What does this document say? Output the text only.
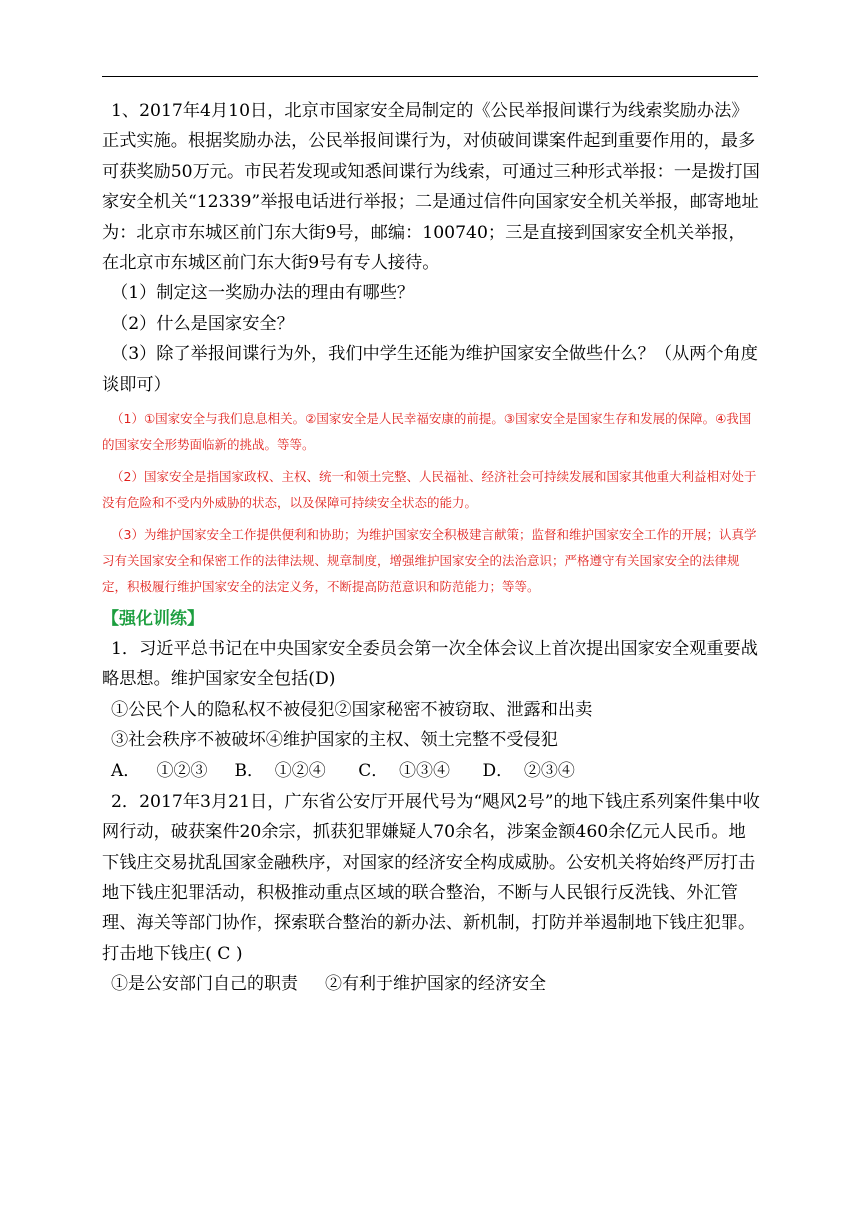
1、2017年4月10日，北京市国家安全局制定的《公民举报间谍行为线索奖励办法》正式实施。根据奖励办法，公民举报间谍行为，对侦破间谍案件起到重要作用的，最多可获奖励50万元。市民若发现或知悉间谍行为线索，可通过三种形式举报：一是拨打国家安全机关“12339”举报电话进行举报；二是通过信件向国家安全机关举报，邮寄地址为：北京市东城区前门东大街9号，邮编：100740；三是直接到国家安全机关举报，在北京市东城区前门东大街9号有专人接待。

（1）制定这一奖励办法的理由有哪些？

（2）什么是国家安全？

（3）除了举报间谍行为外，我们中学生还能为维护国家安全做些什么？（从两个角度谈即可）

（1）①国家安全与我们息息相关。②国家安全是人民幸福安康的前提。③国家安全是国家生存和发展的保障。④我国的国家安全形势面临新的挑战。等等。

（2）国家安全是指国家政权、主权、统一和领土完整、人民福祉、经济社会可持续发展和国家其他重大利益相对处于没有危险和不受内外威胁的状态，以及保障可持续安全状态的能力。

（3）为维护国家安全工作提供便利和协助；为维护国家安全积极建言献策；监督和维护国家安全工作的开展；认真学习有关国家安全和保密工作的法律法规、规章制度，增强维护国家安全的法治意识；严格遵守有关国家安全的法律规定，积极履行维护国家安全的法定义务，不断提高防范意识和防范能力；等等。

【强化训练】

1．习近平总书记在中央国家安全委员会第一次全体会议上首次提出国家安全观重要战略思想。维护国家安全包括(D)

①公民个人的隐私权不被侵犯②国家秘密不被窃取、泄露和出卖

③社会秩序不被破坏④维护国家的主权、领土完整不受侵犯

A．   ①②③     B．  ①②④      C．  ①③④      D．  ②③④

2．2017年3月21日，广东省公安厅开展代号为“飓风2号”的地下钱庄系列案件集中收网行动，破获案件20余宗，抓获犯罪嫌疑人70余名，涉案金额460余亿元人民币。地下钱庄交易扰乱国家金融秩序，对国家的经济安全构成威胁。公安机关将始终严厉打击地下钱庄犯罪活动，积极推动重点区域的联合整治，不断与人民银行反洗钱、外汇管理、海关等部门协作，探索联合整治的新办法、新机制，打防并举遏制地下钱庄犯罪。打击地下钱庄( C )

①是公安部门自己的职责     ②有利于维护国家的经济安全
